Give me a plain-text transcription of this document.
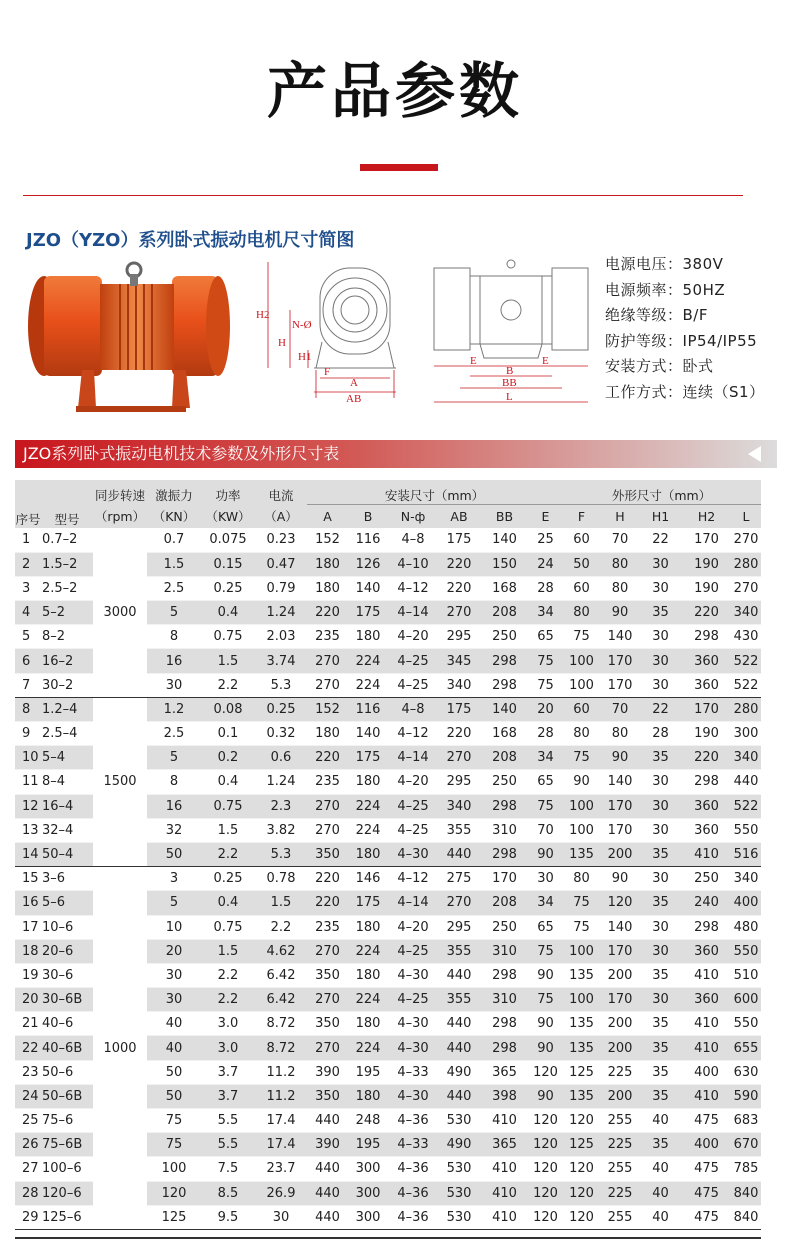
产品参数
JZO（YZO）系列卧式振动电机尺寸简图
H2
H
N-Ø
H1
F
A
AB
E	E
B
BB
L
电源电压：380V
电源频率：50HZ
绝缘等级：B/F
防护等级：IP54/IP55
安装方式：卧式
工作方式：连续（S1）
JZO系列卧式振动电机技术参数及外形尺寸表
序号	型号	同步转速	激振力	功率	电流	安装尺寸（mm）						外形尺寸（mm）				
		（rpm）	（KN）	（KW）	（A）	A	B	N-ф	AB	BB	E	F	H	H1	H2	L
1	0.7–2	3000	0.7	0.075	0.23	152	116	4–8	175	140	25	60	70	22	170	270
2	1.5–2		1.5	0.15	0.47	180	126	4–10	220	150	24	50	80	30	190	280
3	2.5–2		2.5	0.25	0.79	180	140	4–12	220	168	28	60	80	30	190	270
4	5–2		5	0.4	1.24	220	175	4–14	270	208	34	80	90	35	220	340
5	8–2		8	0.75	2.03	235	180	4–20	295	250	65	75	140	30	298	430
6	16–2		16	1.5	3.74	270	224	4–25	345	298	75	100	170	30	360	522
7	30–2		30	2.2	5.3	270	224	4–25	340	298	75	100	170	30	360	522
8	1.2–4	1500	1.2	0.08	0.25	152	116	4–8	175	140	20	60	70	22	170	280
9	2.5–4		2.5	0.1	0.32	180	140	4–12	220	168	28	80	80	28	190	300
10	5–4		5	0.2	0.6	220	175	4–14	270	208	34	75	90	35	220	340
11	8–4		8	0.4	1.24	235	180	4–20	295	250	65	90	140	30	298	440
12	16–4		16	0.75	2.3	270	224	4–25	340	298	75	100	170	30	360	522
13	32–4		32	1.5	3.82	270	224	4–25	355	310	70	100	170	30	360	550
14	50–4		50	2.2	5.3	350	180	4–30	440	298	90	135	200	35	410	516
15	3–6	1000	3	0.25	0.78	220	146	4–12	275	170	30	80	90	30	250	340
16	5–6		5	0.4	1.5	220	175	4–14	270	208	34	75	120	35	240	400
17	10–6		10	0.75	2.2	235	180	4–20	295	250	65	75	140	30	298	480
18	20–6		20	1.5	4.62	270	224	4–25	355	310	75	100	170	30	360	550
19	30–6		30	2.2	6.42	350	180	4–30	440	298	90	135	200	35	410	510
20	30–6B		30	2.2	6.42	270	224	4–25	355	310	75	100	170	30	360	600
21	40–6		40	3.0	8.72	350	180	4–30	440	298	90	135	200	35	410	550
22	40–6B		40	3.0	8.72	270	224	4–30	440	298	90	135	200	35	410	655
23	50–6		50	3.7	11.2	390	195	4–33	490	365	120	125	225	35	400	630
24	50–6B		50	3.7	11.2	350	180	4–30	440	398	90	135	200	35	410	590
25	75–6		75	5.5	17.4	440	248	4–36	530	410	120	120	255	40	475	683
26	75–6B		75	5.5	17.4	390	195	4–33	490	365	120	125	225	35	400	670
27	100–6		100	7.5	23.7	440	300	4–36	530	410	120	120	255	40	475	785
28	120–6		120	8.5	26.9	440	300	4–36	530	410	120	120	225	40	475	840
29	125–6		125	9.5	30	440	300	4–36	530	410	120	120	255	40	475	840
